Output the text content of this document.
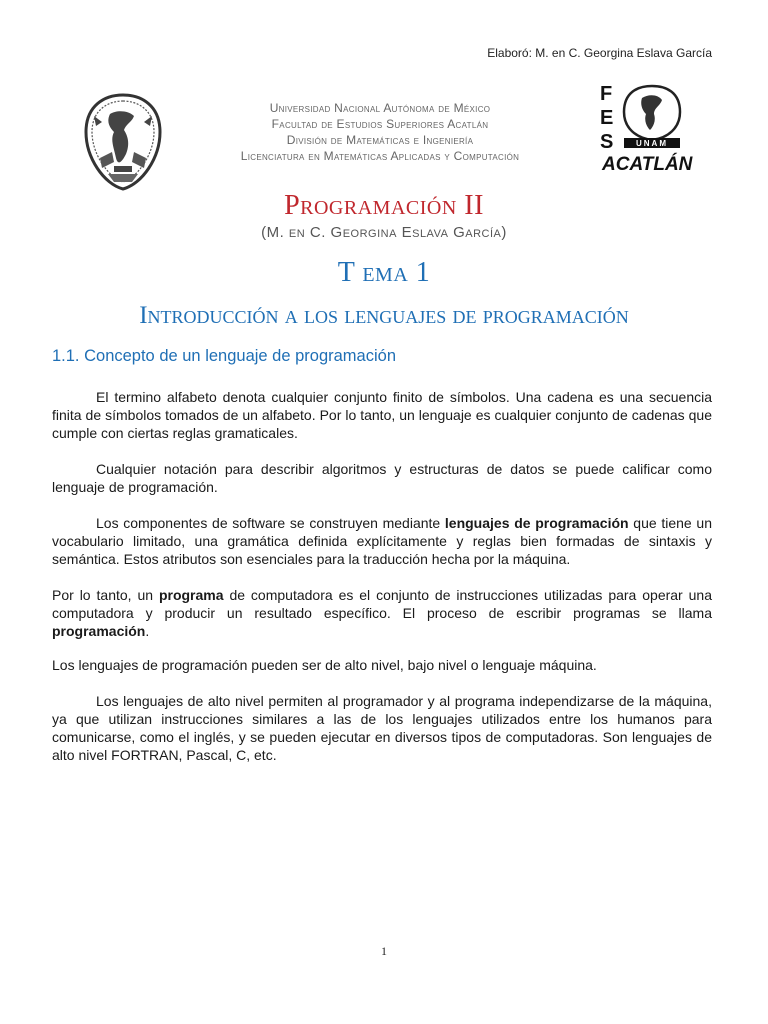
Elaboró: M. en C. Georgina Eslava García
F
E
S	UNAM
ACATLÁN
Universidad Nacional Autónoma de México
Facultad de Estudios Superiores Acatlán
División de Matemáticas e Ingeniería
Licenciatura en Matemáticas Aplicadas y Computación
Programación II
(M. en C. Georgina Eslava García)
T ema 1
Introducción a los lenguajes de programación
1.1. Concepto de un lenguaje de programación

El termino alfabeto denota cualquier conjunto finito de símbolos. Una cadena es una secuencia finita de símbolos tomados de un alfabeto. Por lo tanto, un lenguaje es cualquier conjunto de cadenas que cumple con ciertas reglas gramaticales.

Cualquier notación para describir algoritmos y estructuras de datos se puede calificar como lenguaje de programación.

Los componentes de software se construyen mediante lenguajes de programación que tiene un vocabulario limitado, una gramática definida explícitamente y reglas bien formadas de sintaxis y semántica. Estos atributos son esenciales para la traducción hecha por la máquina.

Por lo tanto, un programa de computadora es el conjunto de instrucciones utilizadas para operar una computadora y producir un resultado específico. El proceso de escribir programas se llama programación.

Los lenguajes de programación pueden ser de alto nivel, bajo nivel o lenguaje máquina.

Los lenguajes de alto nivel permiten al programador y al programa independizarse de la máquina, ya que utilizan instrucciones similares a las de los lenguajes utilizados entre los humanos para comunicarse, como el inglés, y se pueden ejecutar en diversos tipos de computadoras. Son lenguajes de alto nivel FORTRAN, Pascal, C, etc.

1
